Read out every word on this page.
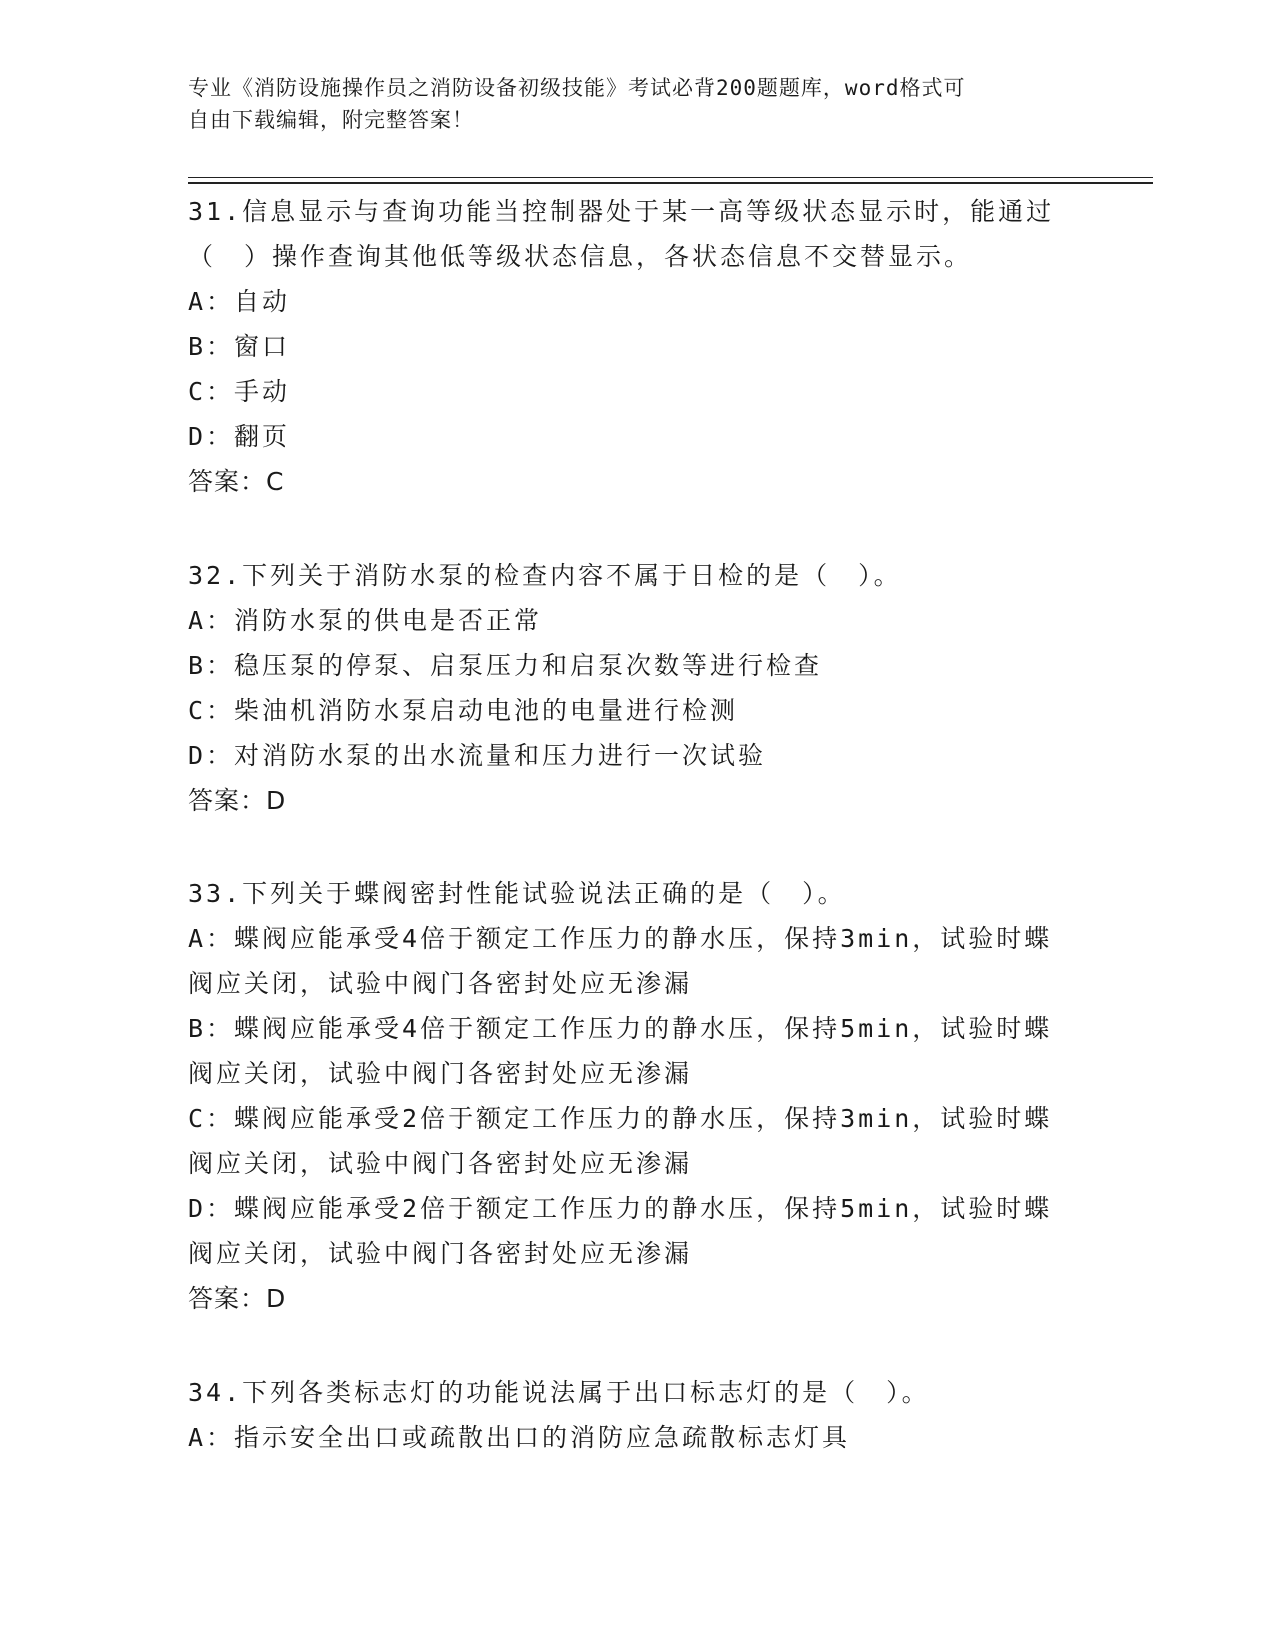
专业《消防设施操作员之消防设备初级技能》考试必背200题题库，word格式可
自由下载编辑，附完整答案！
31.信息显示与查询功能当控制器处于某一高等级状态显示时，能通过
（　）操作查询其他低等级状态信息，各状态信息不交替显示。
A：自动
B：窗口
C：手动
D：翻页
答案：C
32.下列关于消防水泵的检查内容不属于日检的是（　）。
A：消防水泵的供电是否正常
B：稳压泵的停泵、启泵压力和启泵次数等进行检查
C：柴油机消防水泵启动电池的电量进行检测
D：对消防水泵的出水流量和压力进行一次试验
答案：D
33.下列关于蝶阀密封性能试验说法正确的是（　）。
A：蝶阀应能承受4倍于额定工作压力的静水压，保持3min，试验时蝶
阀应关闭，试验中阀门各密封处应无渗漏
B：蝶阀应能承受4倍于额定工作压力的静水压，保持5min，试验时蝶
阀应关闭，试验中阀门各密封处应无渗漏
C：蝶阀应能承受2倍于额定工作压力的静水压，保持3min，试验时蝶
阀应关闭，试验中阀门各密封处应无渗漏
D：蝶阀应能承受2倍于额定工作压力的静水压，保持5min，试验时蝶
阀应关闭，试验中阀门各密封处应无渗漏
答案：D
34.下列各类标志灯的功能说法属于出口标志灯的是（　）。
A：指示安全出口或疏散出口的消防应急疏散标志灯具
